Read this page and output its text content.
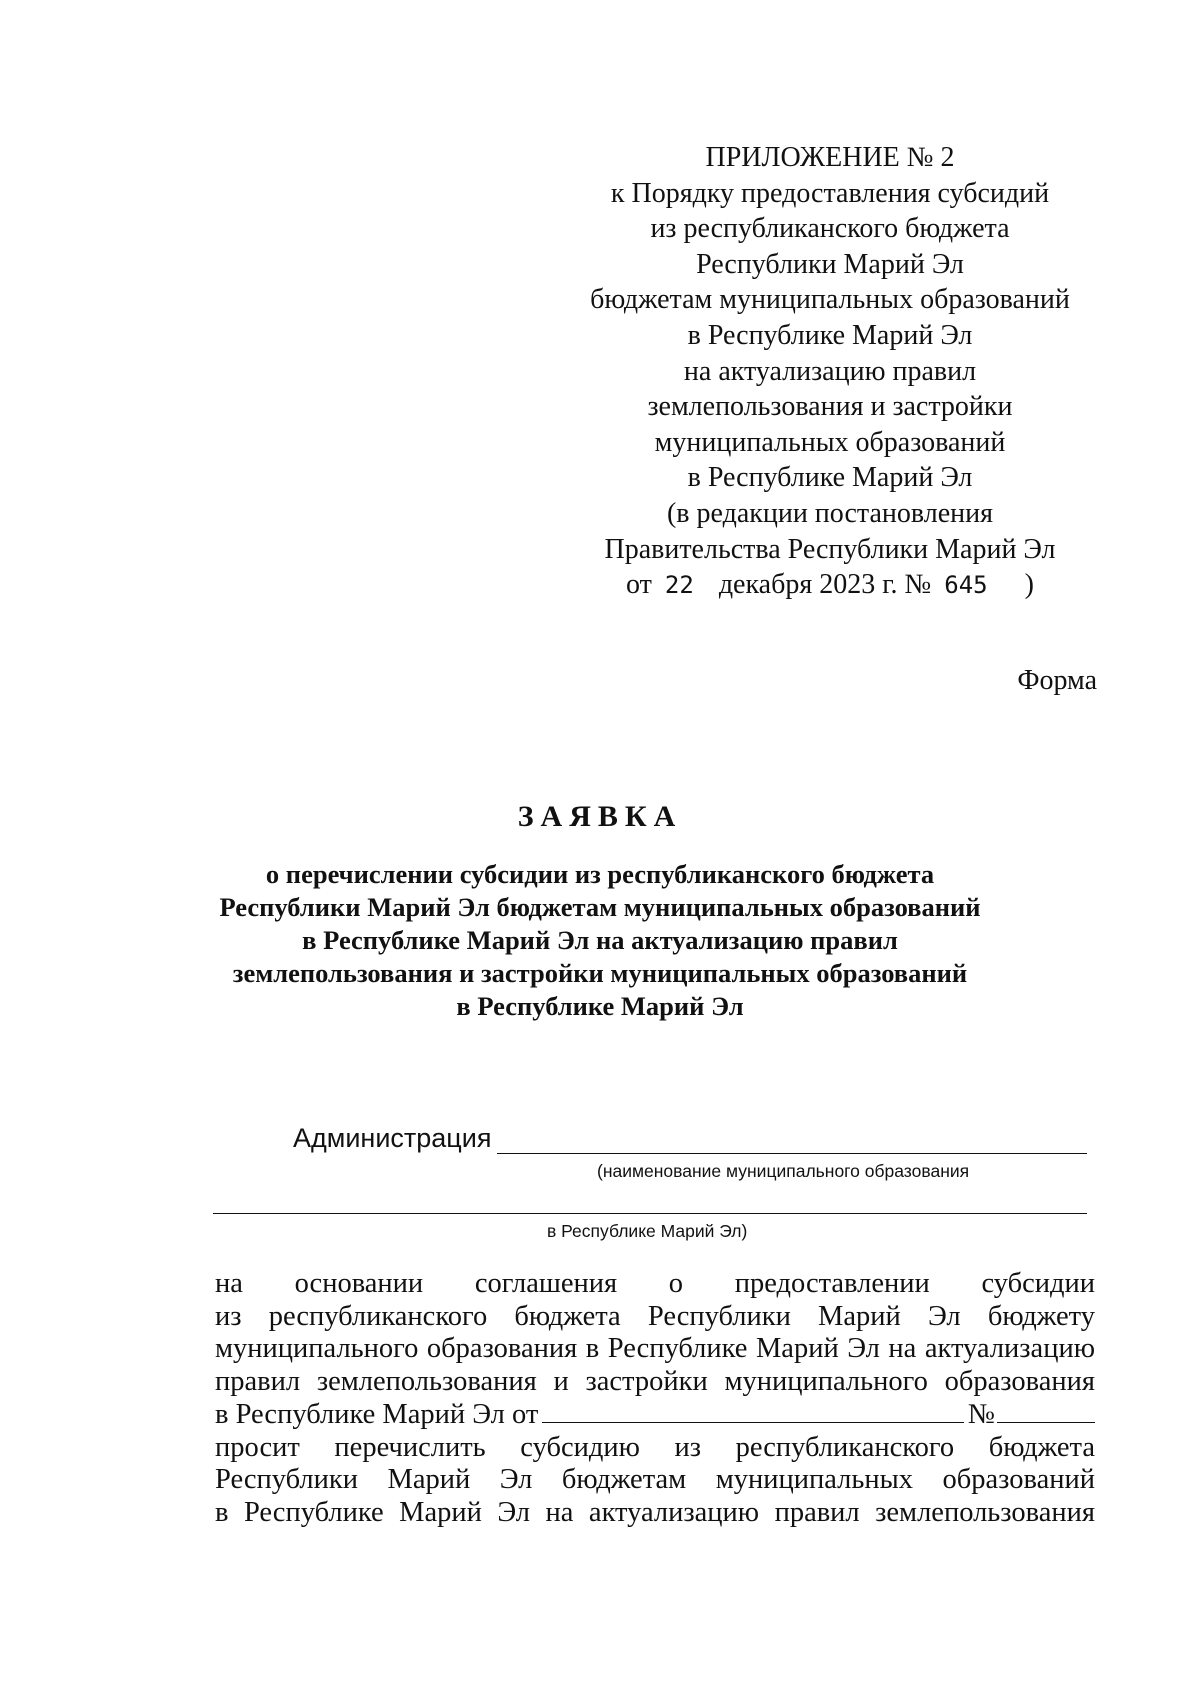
ПРИЛОЖЕНИЕ № 2
к Порядку предоставления субсидий
из республиканского бюджета
Республики Марий Эл
бюджетам муниципальных образований
в Республике Марий Эл
на актуализацию правил
землепользования и застройки
муниципальных образований
в Республике Марий Эл
(в редакции постановления
Правительства Республики Марий Эл
от 22 декабря 2023 г. № 645 )
Форма
ЗАЯВКА
о перечислении субсидии из республиканского бюджета
Республики Марий Эл бюджетам муниципальных образований
в Республике Марий Эл на актуализацию правил
землепользования и застройки муниципальных образований
в Республике Марий Эл
Администрация
(наименование муниципального образования
в Республике Марий Эл)
на основании соглашения о предоставлении субсидии
из республиканского бюджета Республики Марий Эл бюджету
муниципального образования в Республике Марий Эл на актуализацию
правил землепользования и застройки муниципального образования
в Республике Марий Эл от	№
просит перечислить субсидию из республиканского бюджета
Республики Марий Эл бюджетам муниципальных образований
в Республике Марий Эл на актуализацию правил землепользования
